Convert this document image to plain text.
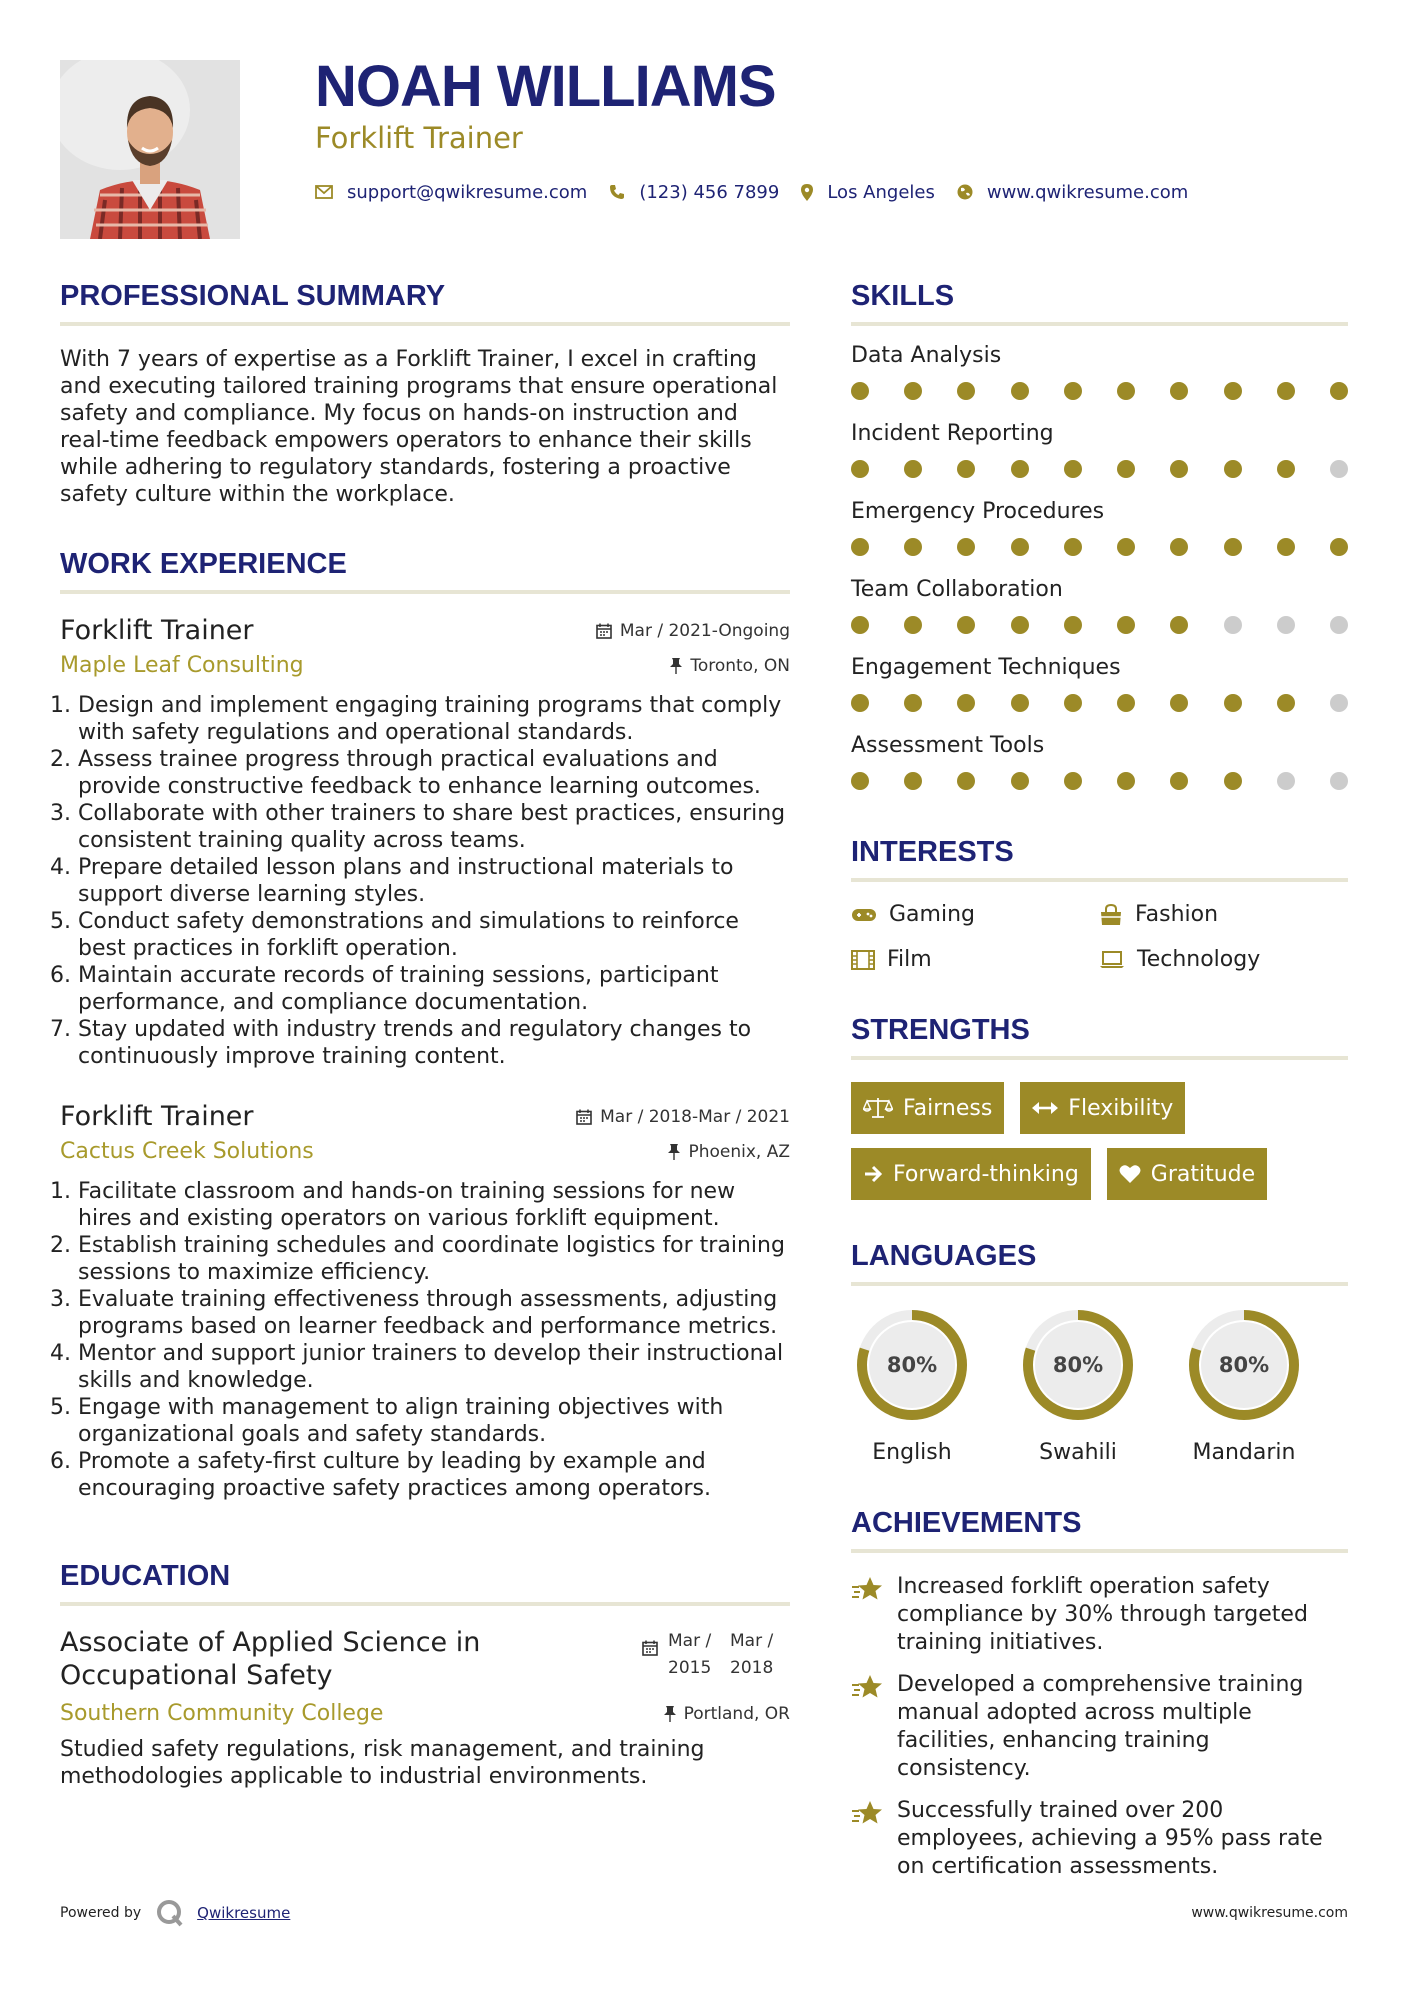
NOAH WILLIAMS
Forklift Trainer
support@qwikresume.com	(123) 456 7899	Los Angeles	www.qwikresume.com
PROFESSIONAL SUMMARY

With 7 years of expertise as a Forklift Trainer, I excel in crafting and executing tailored training programs that ensure operational safety and compliance. My focus on hands-on instruction and real-time feedback empowers operators to enhance their skills while adhering to regulatory standards, fostering a proactive safety culture within the workplace.

WORK EXPERIENCE
Forklift Trainer	Mar / 2021-Ongoing
Maple Leaf Consulting	Toronto, ON
1. Design and implement engaging training programs that comply with safety regulations and operational standards.
2. Assess trainee progress through practical evaluations and provide constructive feedback to enhance learning outcomes.
3. Collaborate with other trainers to share best practices, ensuring consistent training quality across teams.
4. Prepare detailed lesson plans and instructional materials to support diverse learning styles.
5. Conduct safety demonstrations and simulations to reinforce best practices in forklift operation.
6. Maintain accurate records of training sessions, participant performance, and compliance documentation.
7. Stay updated with industry trends and regulatory changes to continuously improve training content.
Forklift Trainer	Mar / 2018-Mar / 2021
Cactus Creek Solutions	Phoenix, AZ
1. Facilitate classroom and hands-on training sessions for new hires and existing operators on various forklift equipment.
2. Establish training schedules and coordinate logistics for training sessions to maximize efficiency.
3. Evaluate training effectiveness through assessments, adjusting programs based on learner feedback and performance metrics.
4. Mentor and support junior trainers to develop their instructional skills and knowledge.
5. Engage with management to align training objectives with organizational goals and safety standards.
6. Promote a safety-first culture by leading by example and encouraging proactive safety practices among operators.
EDUCATION
Associate of Applied Science in Occupational Safety
Mar /
2015
Mar /
2018
Southern Community College	Portland, OR

Studied safety regulations, risk management, and training methodologies applicable to industrial environments.

SKILLS
Data Analysis
Incident Reporting
Emergency Procedures
Team Collaboration
Engagement Techniques
Assessment Tools
INTERESTS
Gaming	Fashion
Film	Technology
STRENGTHS
Fairness	Flexibility
Forward-thinking	Gratitude
LANGUAGES
80%
English
80%
Swahili
80%
Mandarin
ACHIEVEMENTS
Increased forklift operation safety compliance by 30% through targeted training initiatives.
Developed a comprehensive training manual adopted across multiple facilities, enhancing training consistency.
Successfully trained over 200 employees, achieving a 95% pass rate on certification assessments.
Powered by	Qwikresume	www.qwikresume.com
